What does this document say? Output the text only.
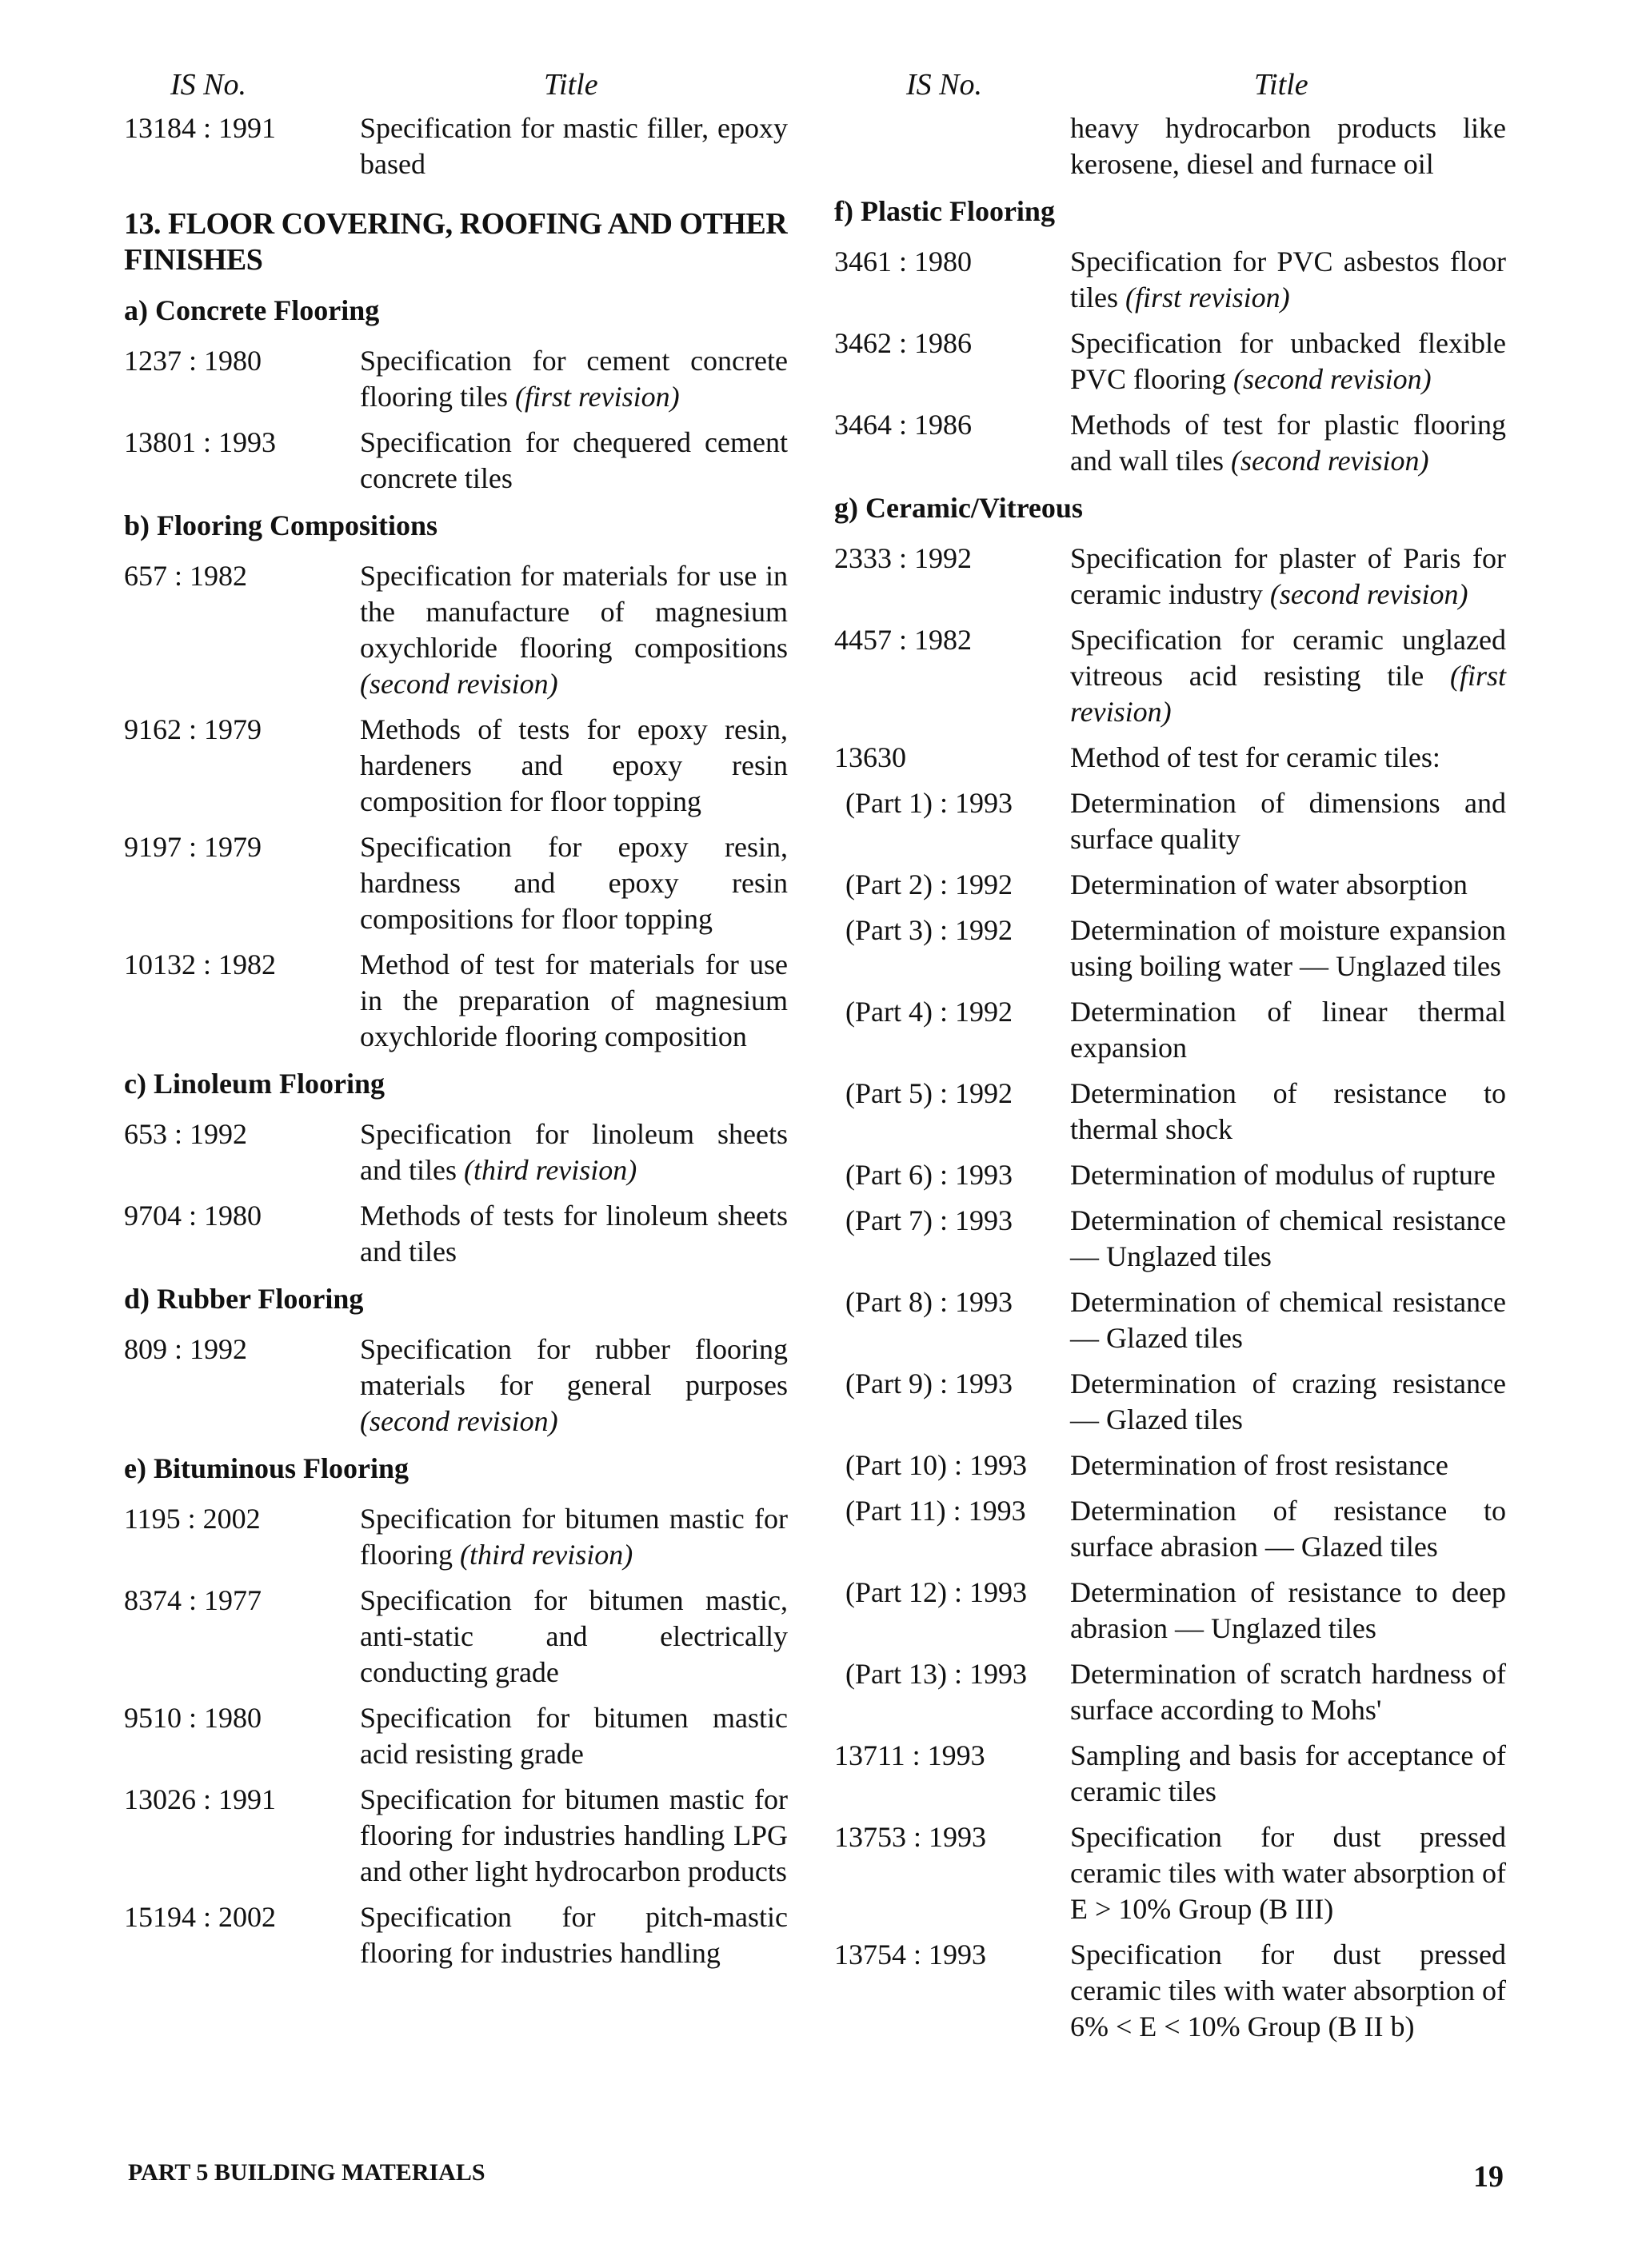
IS No.	Title
13184 : 1991	Specification for mastic filler, epoxy based
13. FLOOR COVERING, ROOFING AND OTHER FINISHES
a) Concrete Flooring
1237 : 1980	Specification for cement concrete flooring tiles (first revision)
13801 : 1993	Specification for chequered cement concrete tiles
b) Flooring Compositions
657 : 1982	Specification for materials for use in the manufacture of magnesium oxychloride flooring compositions (second revision)
9162 : 1979	Methods of tests for epoxy resin, hardeners and epoxy resin composition for floor topping
9197 : 1979	Specification for epoxy resin, hardness and epoxy resin compositions for floor topping
10132 : 1982	Method of test for materials for use in the preparation of magnesium oxychloride flooring composition
c) Linoleum Flooring
653 : 1992	Specification for linoleum sheets and tiles (third revision)
9704 : 1980	Methods of tests for linoleum sheets and tiles
d) Rubber Flooring
809 : 1992	Specification for rubber flooring materials for general purposes (second revision)
e) Bituminous Flooring
1195 : 2002	Specification for bitumen mastic for flooring (third revision)
8374 : 1977	Specification for bitumen mastic, anti-static and electrically conducting grade
9510 : 1980	Specification for bitumen mastic acid resisting grade
13026 : 1991	Specification for bitumen mastic for flooring for industries handling LPG and other light hydrocarbon products
15194 : 2002	Specification for pitch-mastic flooring for industries handling
IS No.	Title
heavy hydrocarbon products like kerosene, diesel and furnace oil
f) Plastic Flooring
3461 : 1980	Specification for PVC asbestos floor tiles (first revision)
3462 : 1986	Specification for unbacked flexible PVC flooring (second revision)
3464 : 1986	Methods of test for plastic flooring and wall tiles (second revision)
g) Ceramic/Vitreous
2333 : 1992	Specification for plaster of Paris for ceramic industry (second revision)
4457 : 1982	Specification for ceramic unglazed vitreous acid resisting tile (first revision)
13630	Method of test for ceramic tiles:
(Part 1) : 1993	Determination of dimensions and surface quality
(Part 2) : 1992	Determination of water absorption
(Part 3) : 1992	Determination of moisture expansion using boiling water — Unglazed tiles
(Part 4) : 1992	Determination of linear thermal expansion
(Part 5) : 1992	Determination of resistance to thermal shock
(Part 6) : 1993	Determination of modulus of rupture
(Part 7) : 1993	Determination of chemical resistance — Unglazed tiles
(Part 8) : 1993	Determination of chemical resistance — Glazed tiles
(Part 9) : 1993	Determination of crazing resistance — Glazed tiles
(Part 10) : 1993	Determination of frost resistance
(Part 11) : 1993	Determination of resistance to surface abrasion — Glazed tiles
(Part 12) : 1993	Determination of resistance to deep abrasion — Unglazed tiles
(Part 13) : 1993	Determination of scratch hardness of surface according to Mohs'
13711 : 1993	Sampling and basis for acceptance of ceramic tiles
13753 : 1993	Specification for dust pressed ceramic tiles with water absorption of E > 10% Group (B III)
13754 : 1993	Specification for dust pressed ceramic tiles with water absorption of 6% < E < 10% Group (B II b)
PART 5 BUILDING MATERIALS	19
